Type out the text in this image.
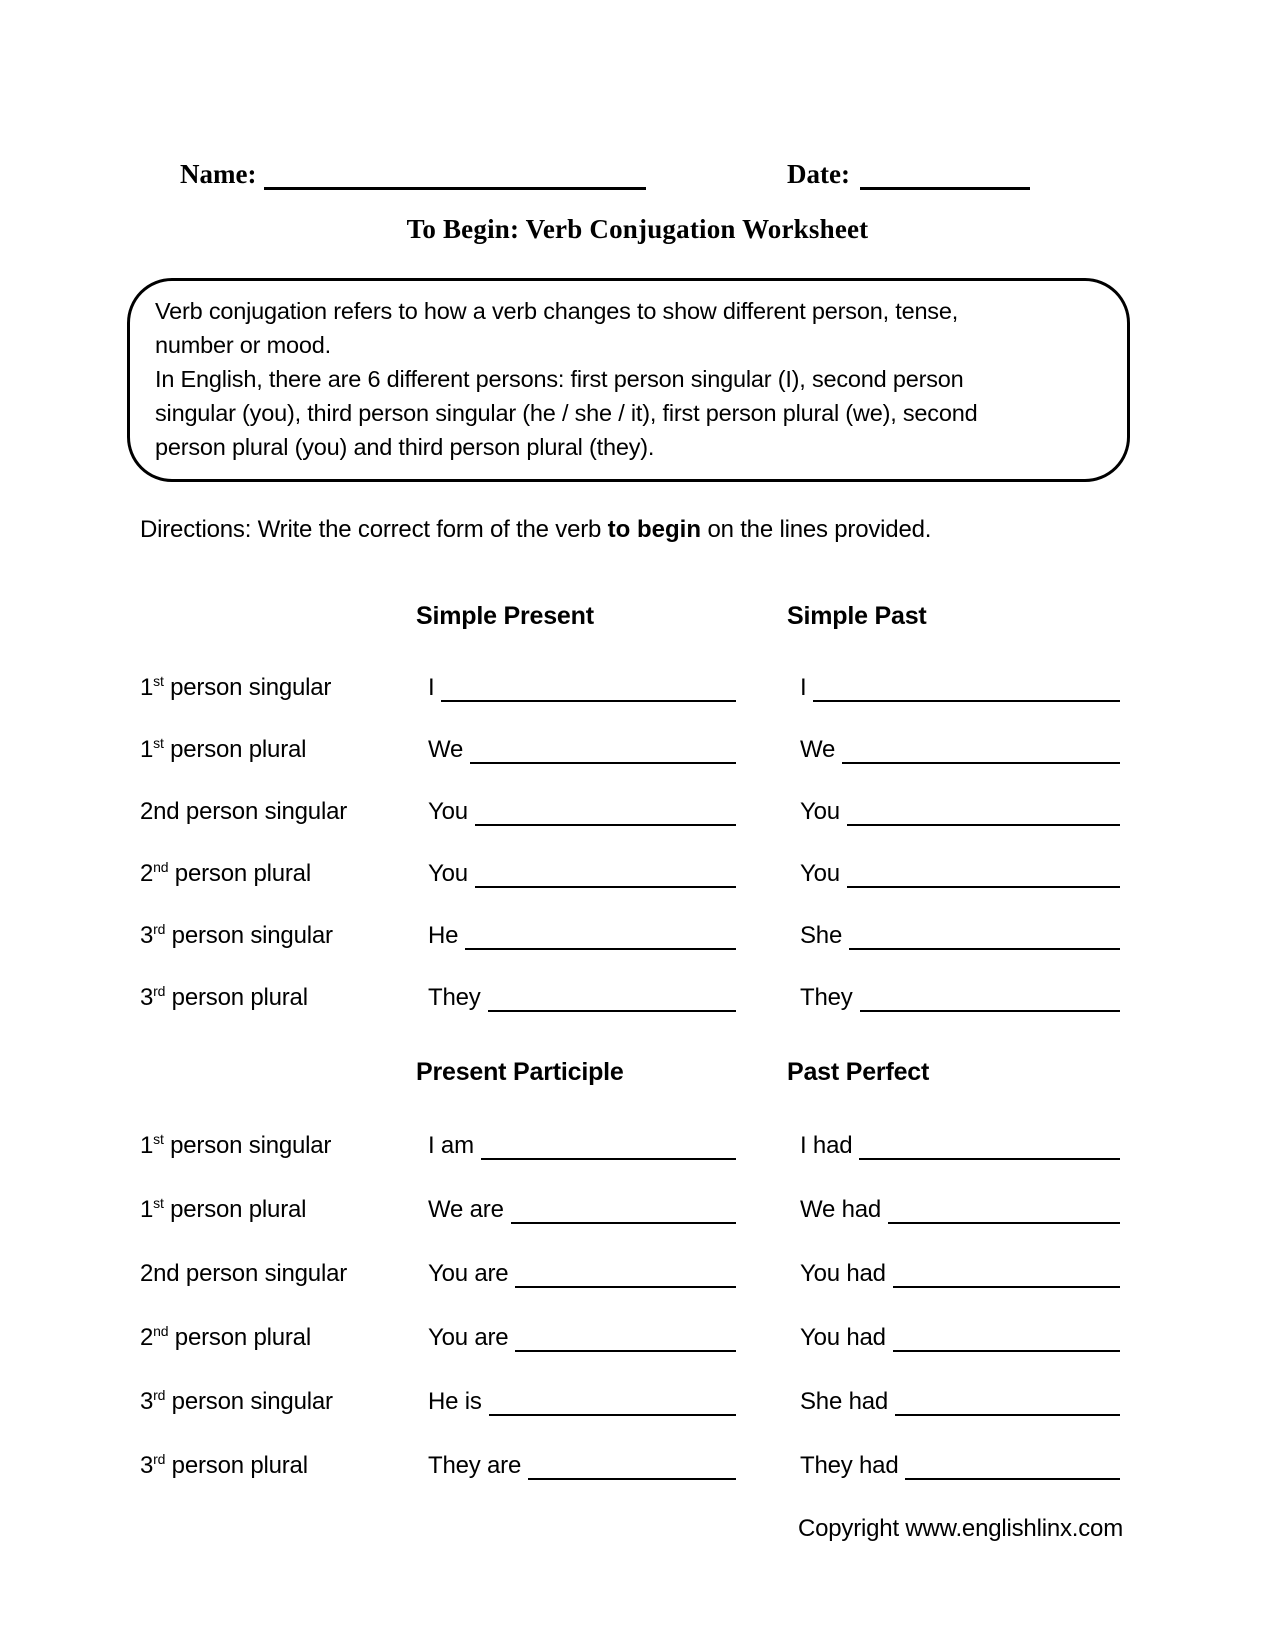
Name:	Date:
To Begin: Verb Conjugation Worksheet
Verb conjugation refers to how a verb changes to show different person, tense,
number or mood.
In English, there are 6 different persons: first person singular (I), second person
singular (you), third person singular (he / she / it), first person plural (we), second
person plural (you) and third person plural (they).
Directions: Write the correct form of the verb to begin on the lines provided.
Simple Present	Simple Past
1st person singular	I	I
1st person plural	We	We
2nd person singular	You	You
2nd person plural	You	You
3rd person singular	He	She
3rd person plural	They	They
Present Participle	Past Perfect
1st person singular	I am	I had
1st person plural	We are	We had
2nd person singular	You are	You had
2nd person plural	You are	You had
3rd person singular	He is	She had
3rd person plural	They are	They had
Copyright www.englishlinx.com
